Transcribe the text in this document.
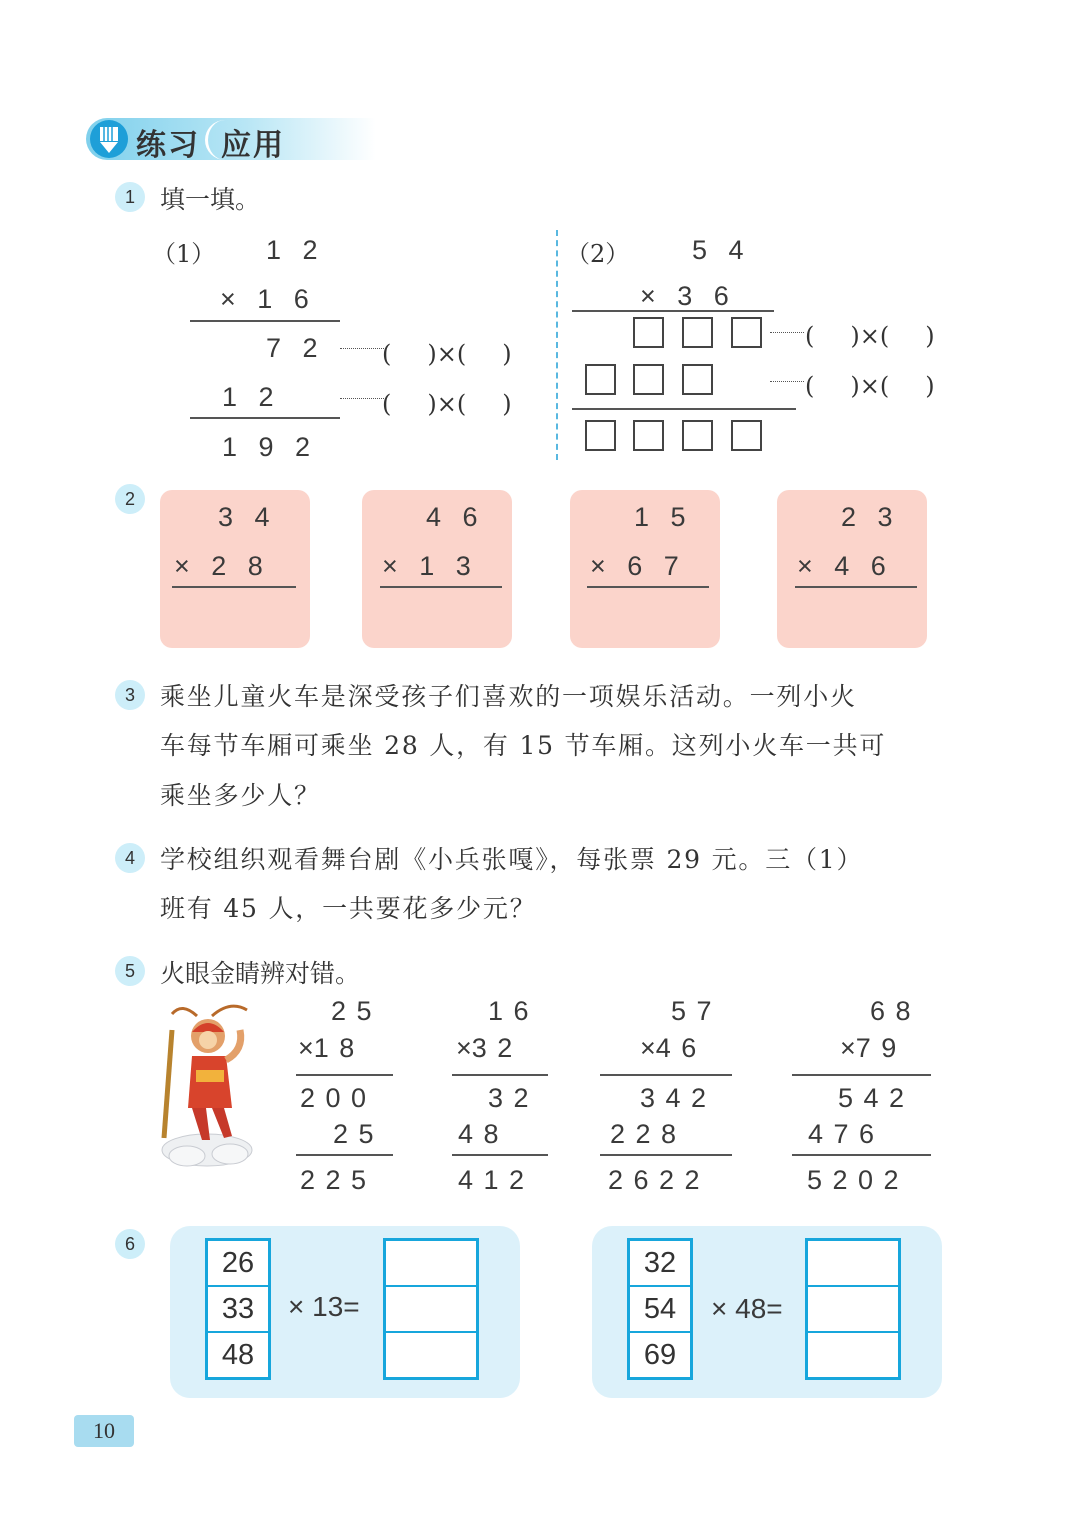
练习 应用
1	填一填。
（1） 1 2
× 1 6
7 2	(　 )×(　 )
1 2	(　 )×(　 )
1 9 2
（2） 5 4
× 3 6
(　 )×(　 )
(　 )×(　 )
2
3 4
× 2 8
4 6
× 1 3
1 5
× 6 7
2 3
× 4 6
3	乘坐儿童火车是深受孩子们喜欢的一项娱乐活动。一列小火
车每节车厢可乘坐 28 人，有 15 节车厢。这列小火车一共可
乘坐多少人？
4	学校组织观看舞台剧《小兵张嘎》，每张票 29 元。三（1）
班有 45 人，一共要花多少元？
5	火眼金睛辨对错。
2 5
×1 8
2 0 0
2 5
2 2 5
1 6
×3 2
3 2
4 8
4 1 2
5 7
×4 6
3 4 2
2 2 8
2 6 2 2
6 8
×7 9
5 4 2
4 7 6
5 2 0 2
6
26
33
48
× 13=
32
54
69
× 48=
10
